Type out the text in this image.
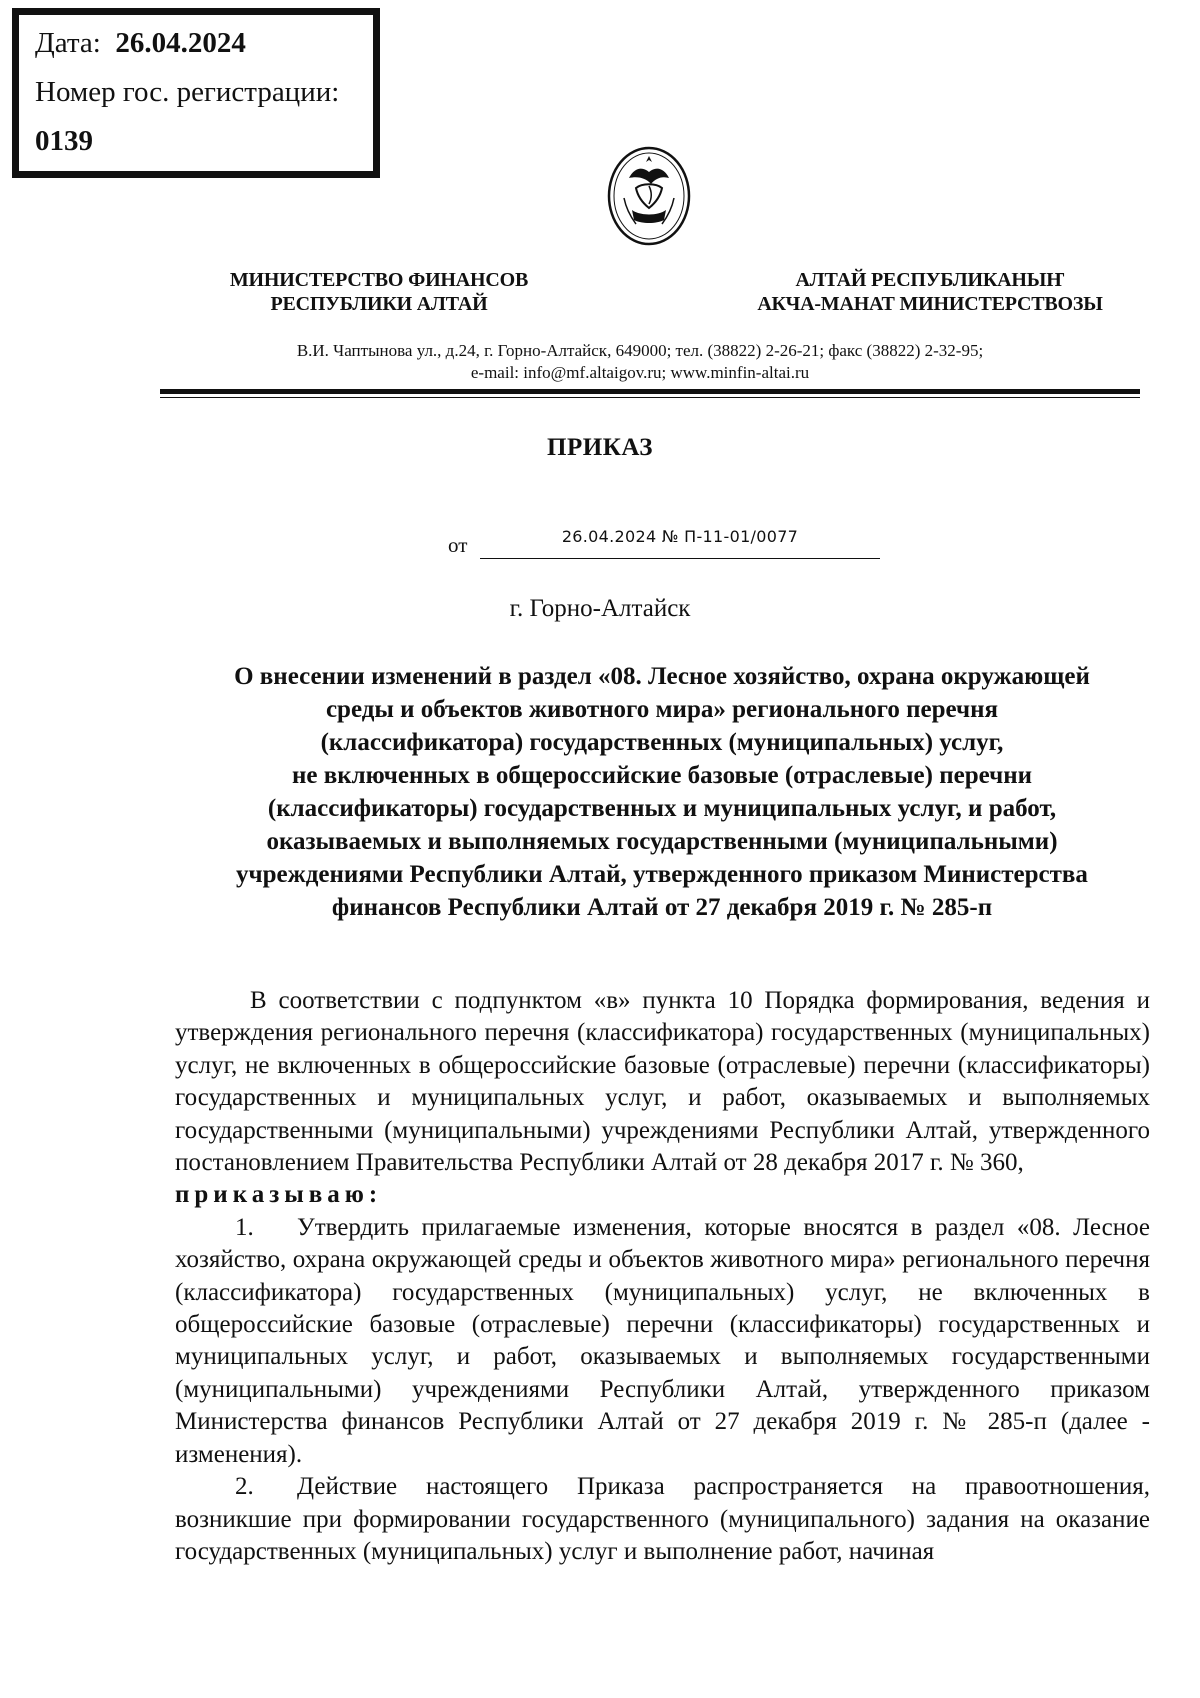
Дата: 26.04.2024
Номер гос. регистрации:
0139
МИНИСТЕРСТВО ФИНАНСОВ
РЕСПУБЛИКИ АЛТАЙ
АЛТАЙ РЕСПУБЛИКАНЫҤ
АКЧА-МАНАТ МИНИСТЕРСТВОЗЫ
В.И. Чаптынова ул., д.24, г. Горно-Алтайск, 649000; тел. (38822) 2-26-21; факс (38822) 2-32-95;
e-mail: info@mf.altaigov.ru; www.minfin-altai.ru
ПРИКАЗ
от	26.04.2024 № П-11-01/0077
г. Горно-Алтайск
О внесении изменений в раздел «08. Лесное хозяйство, охрана окружающей
среды и объектов животного мира» регионального перечня
(классификатора) государственных (муниципальных) услуг,
не включенных в общероссийские базовые (отраслевые) перечни
(классификаторы) государственных и муниципальных услуг, и работ,
оказываемых и выполняемых государственными (муниципальными)
учреждениями Республики Алтай, утвержденного приказом Министерства
финансов Республики Алтай от 27 декабря 2019 г. № 285-п

В соответствии с подпунктом «в» пункта 10 Порядка формирования, ведения и утверждения регионального перечня (классификатора) государственных (муниципальных) услуг, не включенных в общероссийские базовые (отраслевые) перечни (классификаторы) государственных и муниципальных услуг, и работ, оказываемых и выполняемых государственными (муниципальными) учреждениями Республики Алтай, утвержденного постановлением Правительства Республики Алтай от 28 декабря 2017 г. № 360,

приказываю:

1. Утвердить прилагаемые изменения, которые вносятся в раздел «08. Лесное хозяйство, охрана окружающей среды и объектов животного мира» регионального перечня (классификатора) государственных (муниципальных) услуг, не включенных в общероссийские базовые (отраслевые) перечни (классификаторы) государственных и муниципальных услуг, и работ, оказываемых и выполняемых государственными (муниципальными) учреждениями Республики Алтай, утвержденного приказом Министерства финансов Республики Алтай от 27 декабря 2019 г. № 285-п (далее - изменения).

2. Действие настоящего Приказа распространяется на правоотношения, возникшие при формировании государственного (муниципального) задания на оказание государственных (муниципальных) услуг и выполнение работ, начиная
